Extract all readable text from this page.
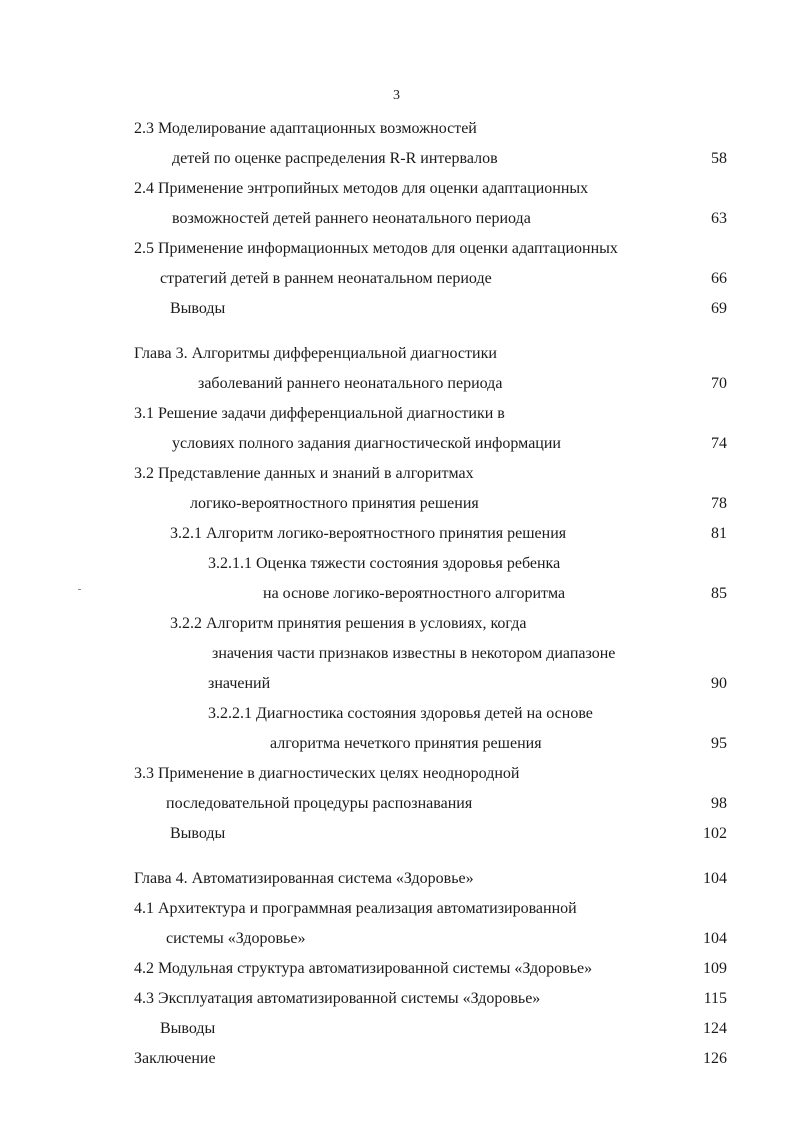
3
2.3 Моделирование адаптационных возможностей
детей по оценке распределения R-R интервалов	58
2.4 Применение энтропийных методов для оценки адаптационных
возможностей детей раннего неонатального периода	63
2.5 Применение информационных методов для оценки адаптационных
стратегий детей в раннем неонатальном периоде	66
Выводы	69
Глава 3. Алгоритмы дифференциальной диагностики
заболеваний раннего неонатального периода	70
3.1 Решение задачи дифференциальной диагностики в
условиях полного задания диагностической информации	74
3.2 Представление данных и знаний в алгоритмах
логико-вероятностного принятия решения	78
3.2.1 Алгоритм логико-вероятностного принятия решения	81
3.2.1.1 Оценка тяжести состояния здоровья ребенка
на основе логико-вероятностного алгоритма	85
3.2.2 Алгоритм принятия решения в условиях, когда
значения части признаков известны в некотором диапазоне
значений	90
3.2.2.1 Диагностика состояния здоровья детей на основе
алгоритма нечеткого принятия решения	95
3.3 Применение в диагностических целях неоднородной
последовательной процедуры распознавания	98
Выводы	102
Глава 4. Автоматизированная система «Здоровье»	104
4.1 Архитектура и программная реализация автоматизированной
системы «Здоровье»	104
4.2 Модульная структура автоматизированной системы «Здоровье»	109
4.3 Эксплуатация автоматизированной системы «Здоровье»	115
Выводы	124
Заключение	126
